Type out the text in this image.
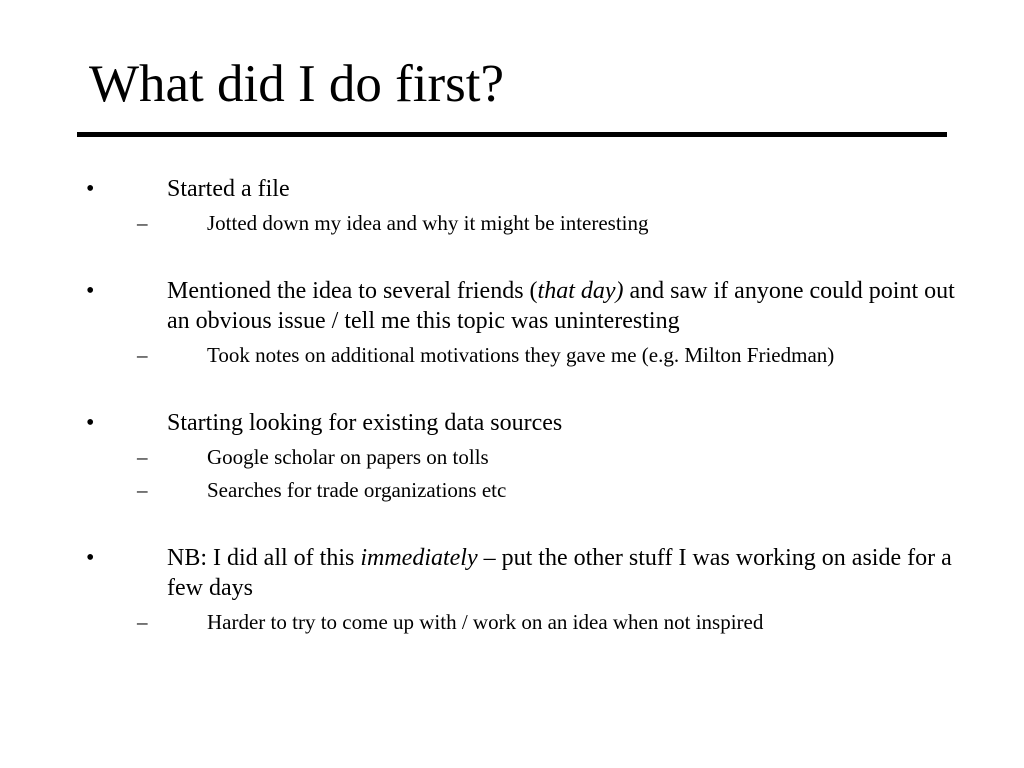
What did I do first?
•	Started a file
–	Jotted down my idea and why it might be interesting
•	Mentioned the idea to several friends (that day) and saw if anyone could point out an obvious issue / tell me this topic was uninteresting
–	Took notes on additional motivations they gave me (e.g. Milton Friedman)
•	Starting looking for existing data sources
–	Google scholar on papers on tolls
–	Searches for trade organizations etc
•	NB: I did all of this immediately – put the other stuff I was working on aside for a few days
–	Harder to try to come up with / work on an idea when not inspired
